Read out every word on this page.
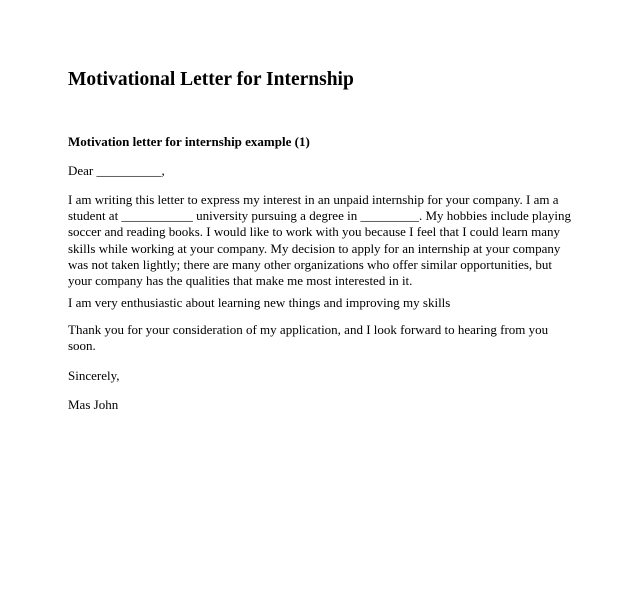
Motivational Letter for Internship

Motivation letter for internship example (1)

Dear __________,

I am writing this letter to express my interest in an unpaid internship for your company. I am a
student at ___________ university pursuing a degree in _________. My hobbies include playing
soccer and reading books. I would like to work with you because I feel that I could learn many
skills while working at your company. My decision to apply for an internship at your company
was not taken lightly; there are many other organizations who offer similar opportunities, but
your company has the qualities that make me most interested in it.

I am very enthusiastic about learning new things and improving my skills

Thank you for your consideration of my application, and I look forward to hearing from you
soon.

Sincerely,

Mas John
